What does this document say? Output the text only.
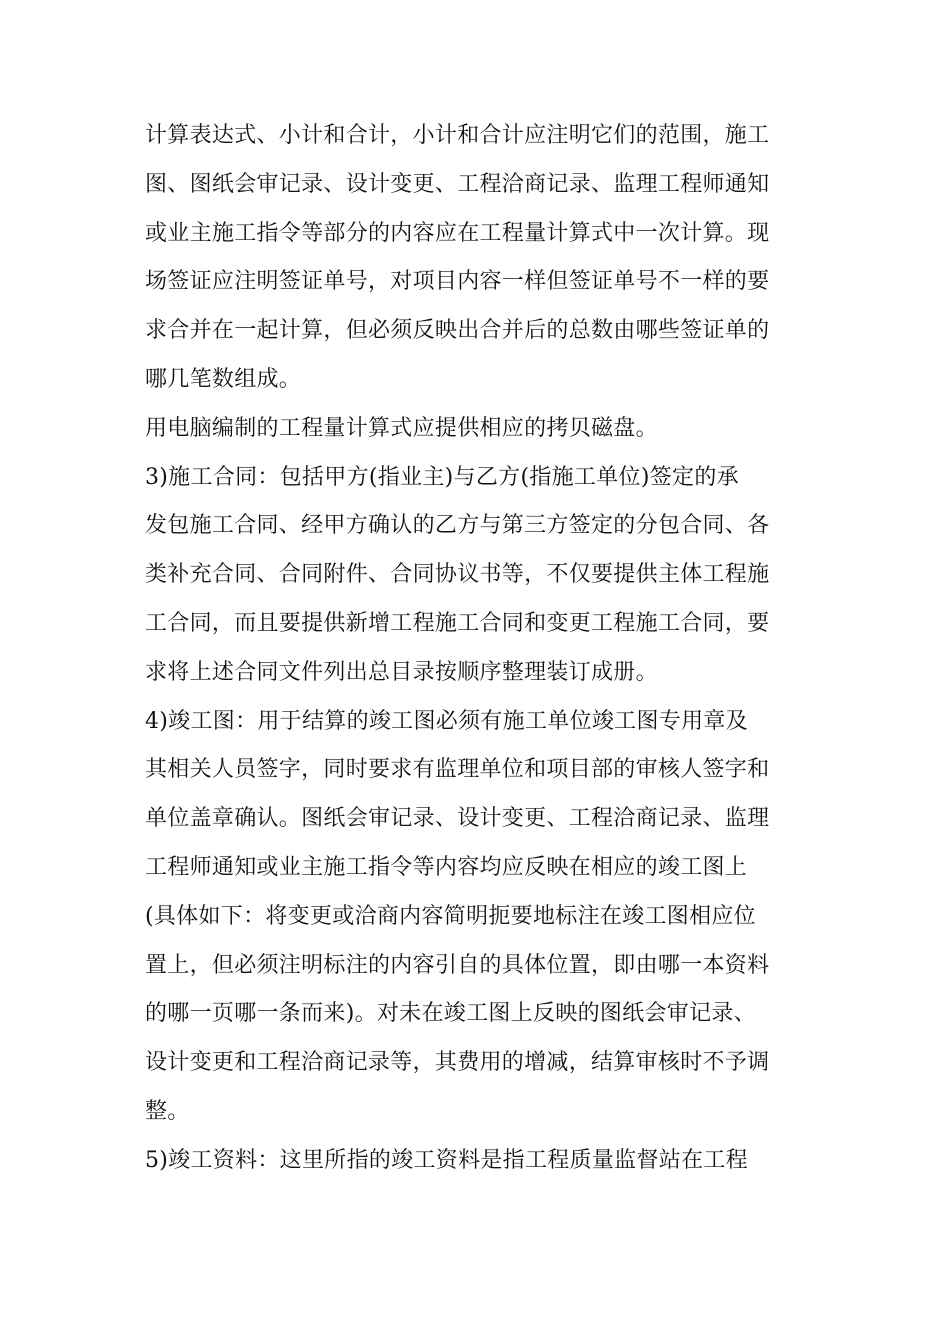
计算表达式、小计和合计，小计和合计应注明它们的范围，施工
图、图纸会审记录、设计变更、工程洽商记录、监理工程师通知
或业主施工指令等部分的内容应在工程量计算式中一次计算。现
场签证应注明签证单号，对项目内容一样但签证单号不一样的要
求合并在一起计算，但必须反映出合并后的总数由哪些签证单的
哪几笔数组成。
用电脑编制的工程量计算式应提供相应的拷贝磁盘。
3)施工合同：包括甲方(指业主)与乙方(指施工单位)签定的承
发包施工合同、经甲方确认的乙方与第三方签定的分包合同、各
类补充合同、合同附件、合同协议书等，不仅要提供主体工程施
工合同，而且要提供新增工程施工合同和变更工程施工合同，要
求将上述合同文件列出总目录按顺序整理装订成册。
4)竣工图：用于结算的竣工图必须有施工单位竣工图专用章及
其相关人员签字，同时要求有监理单位和项目部的审核人签字和
单位盖章确认。图纸会审记录、设计变更、工程洽商记录、监理
工程师通知或业主施工指令等内容均应反映在相应的竣工图上
(具体如下：将变更或洽商内容简明扼要地标注在竣工图相应位
置上，但必须注明标注的内容引自的具体位置，即由哪一本资料
的哪一页哪一条而来)。对未在竣工图上反映的图纸会审记录、
设计变更和工程洽商记录等，其费用的增减，结算审核时不予调
整。
5)竣工资料：这里所指的竣工资料是指工程质量监督站在工程
